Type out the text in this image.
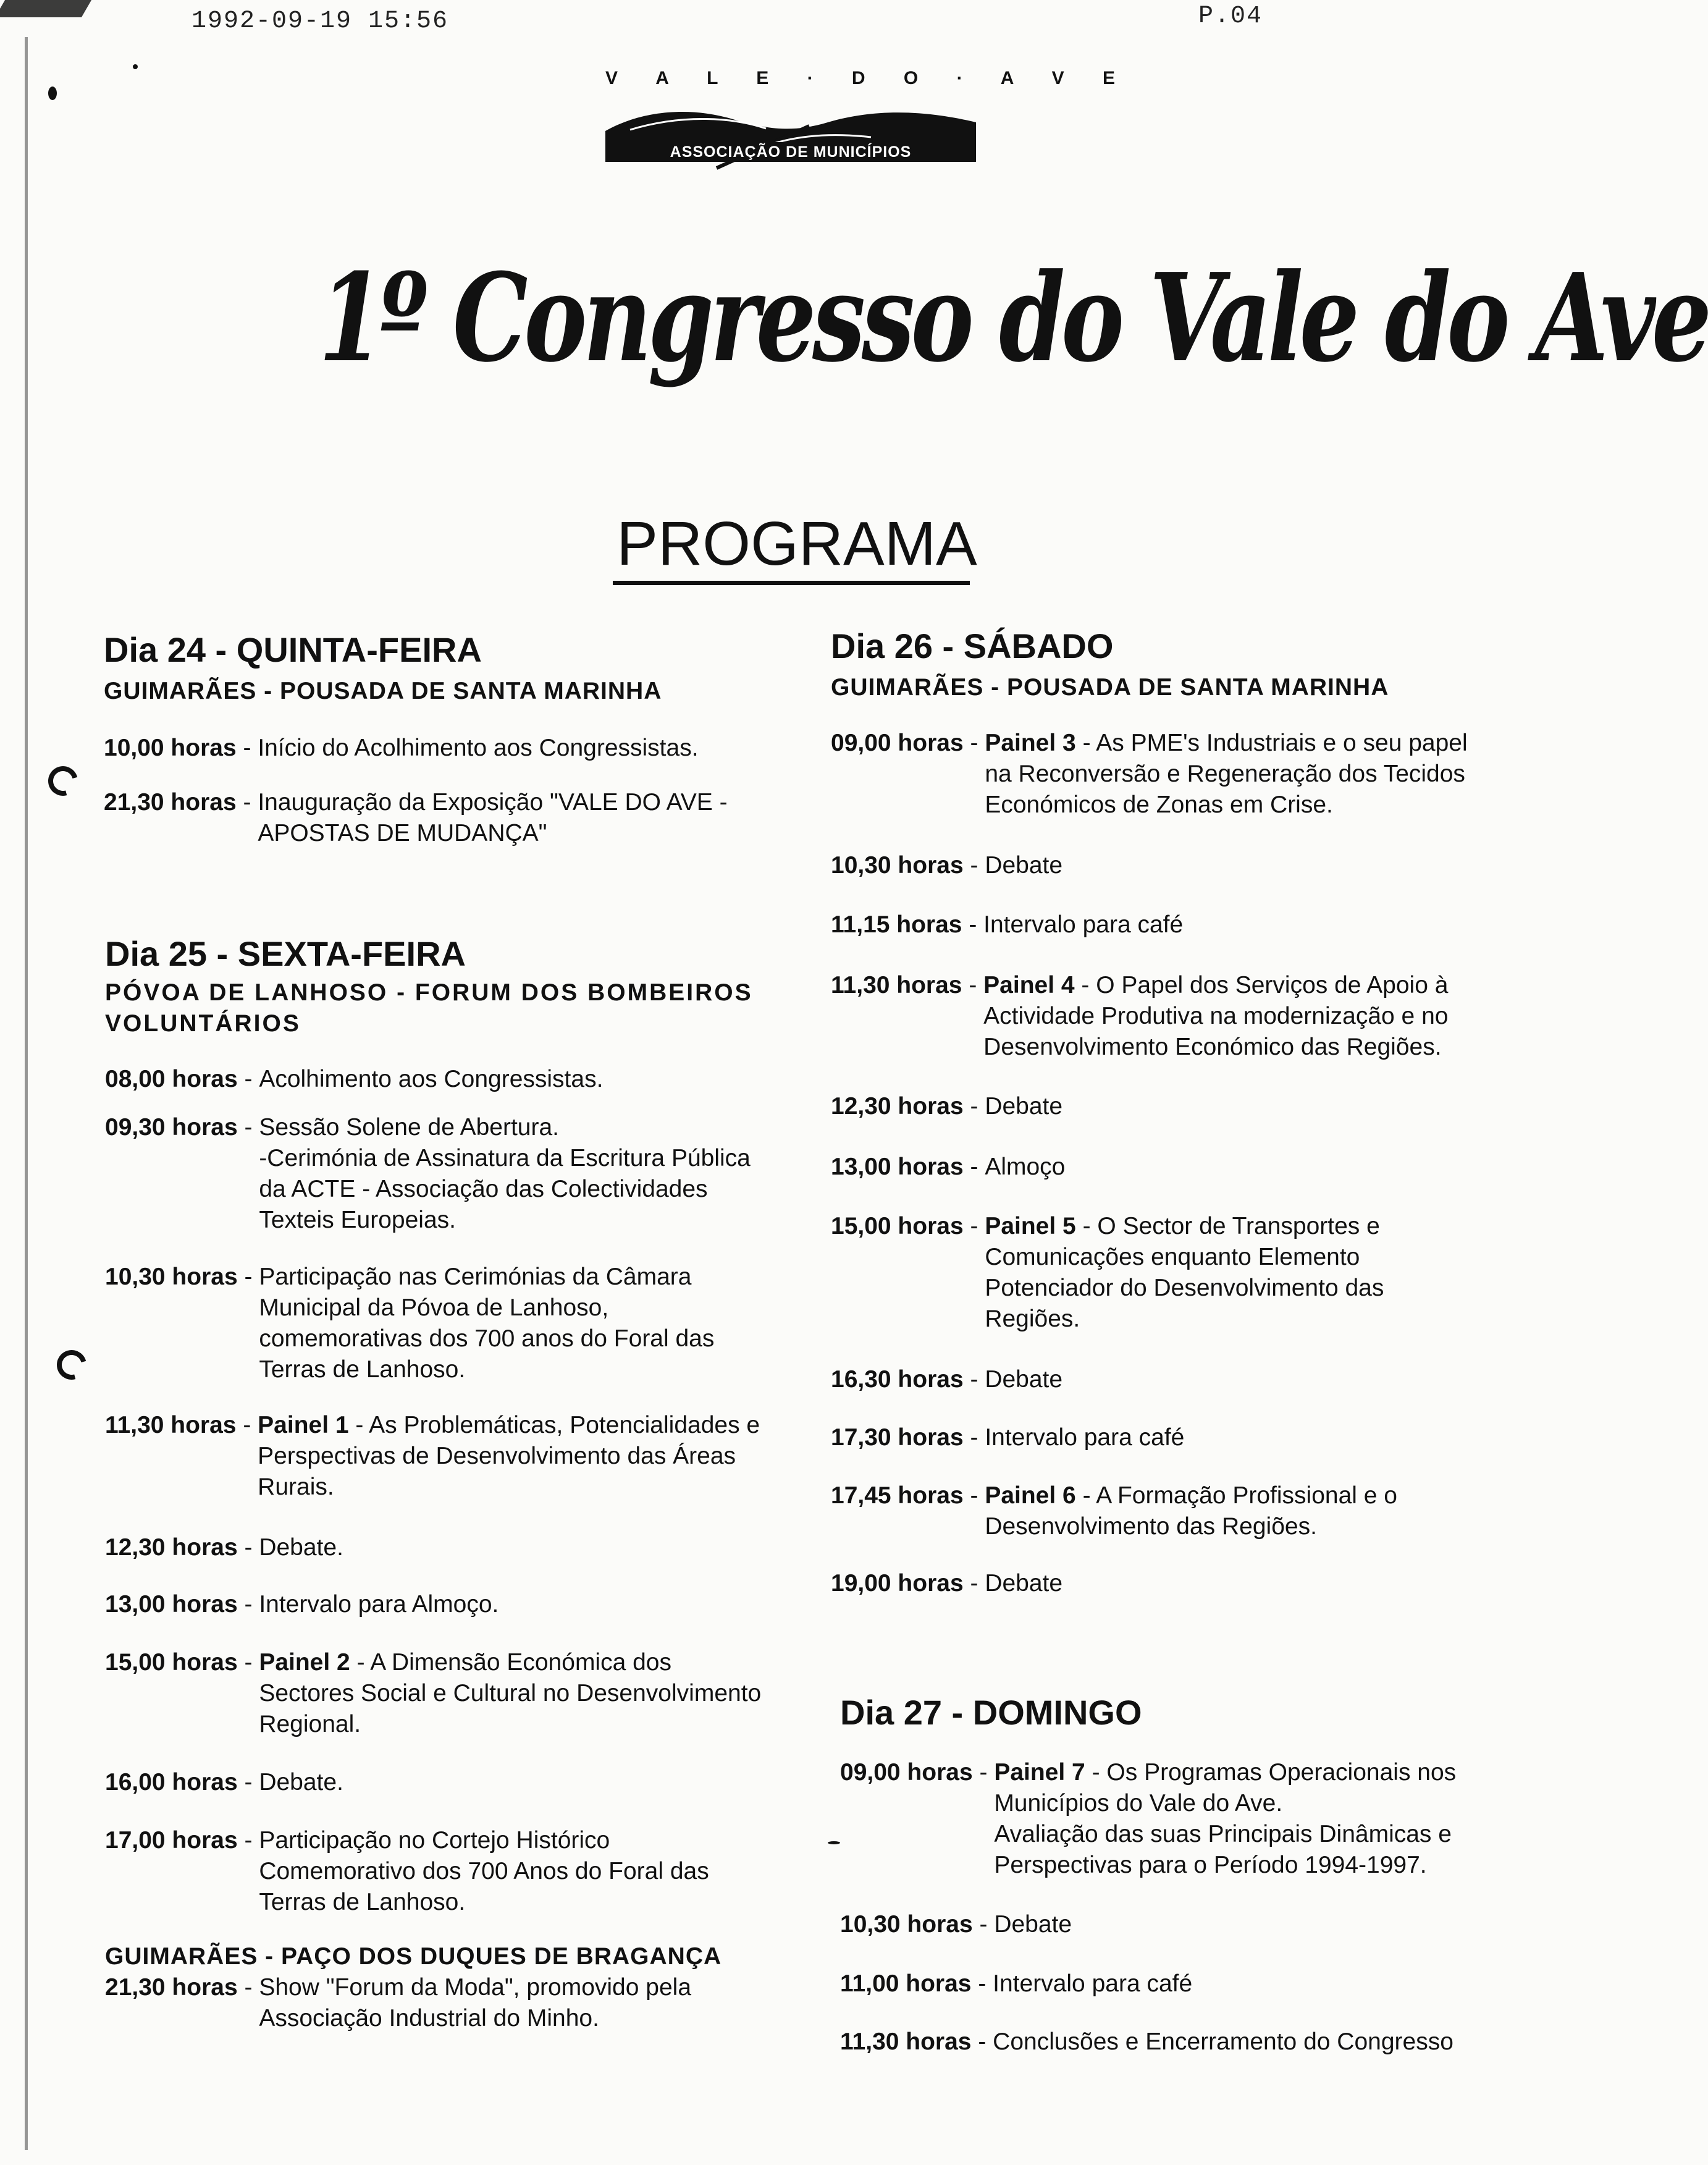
1992-09-19 15:56	P.04
V A L E · D O · A V E
ASSOCIAÇÃO DE MUNICÍPIOS
1º Congresso do Vale do Ave
PROGRAMA
Dia 24 - QUINTA-FEIRA
GUIMARÃES - POUSADA DE SANTA MARINHA
10,00 horas - Início do Acolhimento aos Congressistas.
21,30 horas - Inauguração da Exposição "VALE DO AVE - APOSTAS DE MUDANÇA"
Dia 25 - SEXTA-FEIRA
PÓVOA DE LANHOSO - FORUM DOS BOMBEIROS VOLUNTÁRIOS
08,00 horas - Acolhimento aos Congressistas.
09,30 horas - Sessão Solene de Abertura.
-Cerimónia de Assinatura da Escritura Pública da ACTE - Associação das Colectividades Texteis Europeias.
10,30 horas - Participação nas Cerimónias da Câmara Municipal da Póvoa de Lanhoso, comemorativas dos 700 anos do Foral das Terras de Lanhoso.
11,30 horas - Painel 1 - As Problemáticas, Potencialidades e Perspectivas de Desenvolvimento das Áreas Rurais.
12,30 horas - Debate.
13,00 horas - Intervalo para Almoço.
15,00 horas - Painel 2 - A Dimensão Económica dos Sectores Social e Cultural no Desenvolvimento Regional.
16,00 horas - Debate.
17,00 horas - Participação no Cortejo Histórico Comemorativo dos 700 Anos do Foral das Terras de Lanhoso.
GUIMARÃES - PAÇO DOS DUQUES DE BRAGANÇA
21,30 horas - Show "Forum da Moda", promovido pela Associação Industrial do Minho.
Dia 26 - SÁBADO
GUIMARÃES - POUSADA DE SANTA MARINHA
09,00 horas - Painel 3 - As PME's Industriais e o seu papel na Reconversão e Regeneração dos Tecidos Económicos de Zonas em Crise.
10,30 horas - Debate
11,15 horas - Intervalo para café
11,30 horas - Painel 4 - O Papel dos Serviços de Apoio à Actividade Produtiva na modernização e no Desenvolvimento Económico das Regiões.
12,30 horas - Debate
13,00 horas - Almoço
15,00 horas - Painel 5 - O Sector de Transportes e Comunicações enquanto Elemento Potenciador do Desenvolvimento das Regiões.
16,30 horas - Debate
17,30 horas - Intervalo para café
17,45 horas - Painel 6 - A Formação Profissional e o Desenvolvimento das Regiões.
19,00 horas - Debate
Dia 27 - DOMINGO
09,00 horas - Painel 7 - Os Programas Operacionais nos Municípios do Vale do Ave.
Avaliação das suas Principais Dinâmicas e Perspectivas para o Período 1994-1997.
10,30 horas - Debate
11,00 horas - Intervalo para café
11,30 horas - Conclusões e Encerramento do Congresso
